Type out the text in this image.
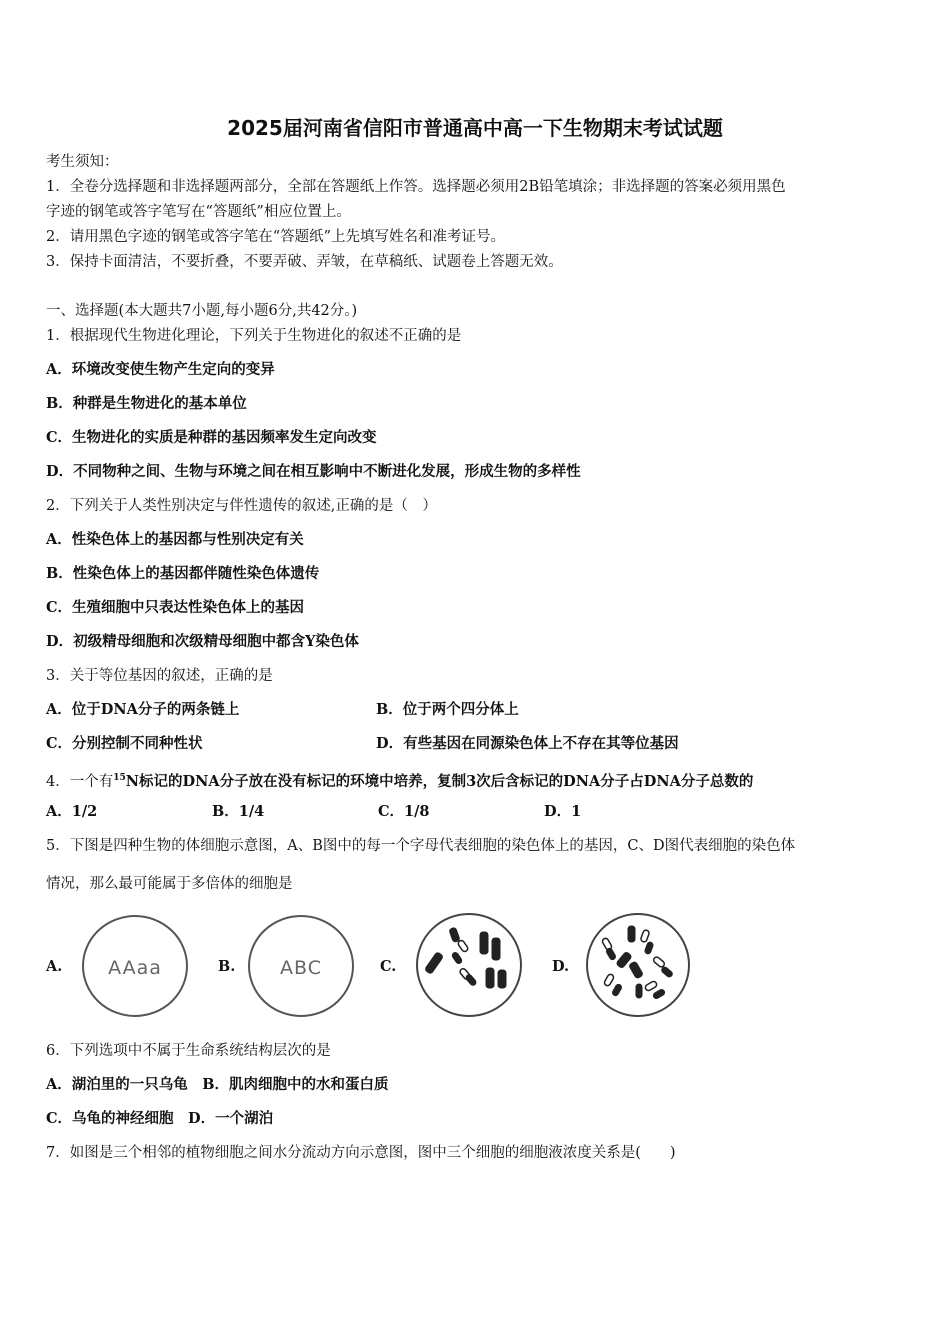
2025届河南省信阳市普通高中高一下生物期末考试试题
考生须知：
1．全卷分选择题和非选择题两部分，全部在答题纸上作答。选择题必须用2B铅笔填涂；非选择题的答案必须用黑色
字迹的钢笔或答字笔写在“答题纸”相应位置上。
2．请用黑色字迹的钢笔或答字笔在“答题纸”上先填写姓名和准考证号。
3．保持卡面清洁，不要折叠，不要弄破、弄皱，在草稿纸、试题卷上答题无效。
一、选择题(本大题共7小题,每小题6分,共42分。)
1．根据现代生物进化理论，下列关于生物进化的叙述不正确的是
A．环境改变使生物产生定向的变异
B．种群是生物进化的基本单位
C．生物进化的实质是种群的基因频率发生定向改变
D．不同物种之间、生物与环境之间在相互影响中不断进化发展，形成生物的多样性
2．下列关于人类性别决定与伴性遗传的叙述,正确的是（　）
A．性染色体上的基因都与性别决定有关
B．性染色体上的基因都伴随性染色体遗传
C．生殖细胞中只表达性染色体上的基因
D．初级精母细胞和次级精母细胞中都含Y染色体
3．关于等位基因的叙述，正确的是
A．位于DNA分子的两条链上	B．位于两个四分体上
C．分别控制不同种性状	D．有些基因在同源染色体上不存在其等位基因
4．一个有$^{15}$N标记的DNA分子放在没有标记的环境中培养，复制3次后含标记的DNA分子占DNA分子总数的
A．1/2	B．1/4	C．1/8	D．1
5．下图是四种生物的体细胞示意图，A、B图中的每一个字母代表细胞的染色体上的基因，C、D图代表细胞的染色体
情况，那么最可能属于多倍体的细胞是
A. AAaa	B. ABC	C.	D.
6．下列选项中不属于生命系统结构层次的是
A．湖泊里的一只乌龟　B．肌肉细胞中的水和蛋白质
C．乌龟的神经细胞　D．一个湖泊
7．如图是三个相邻的植物细胞之间水分流动方向示意图，图中三个细胞的细胞液浓度关系是(　　)
